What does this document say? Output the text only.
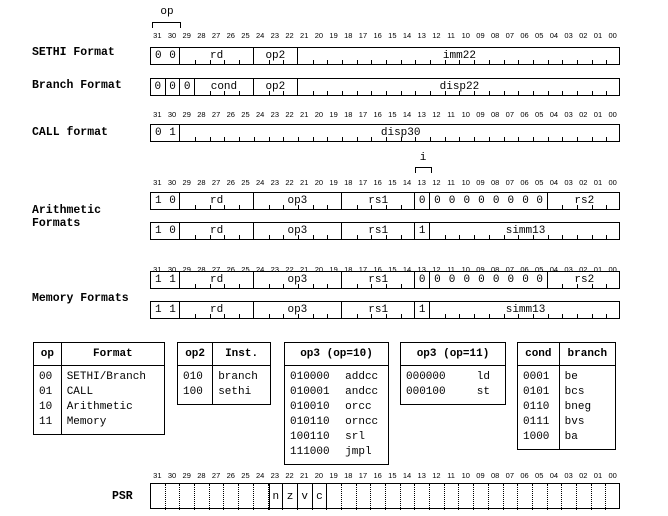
op
SETHI Format
Branch Format
CALL format
Arithmetic
Formats
Memory Formats
31 30 29 28 27 26 25 24 23 22 21 20 19 18 17 16 15 14 13 12 11 10 09 08 07 06 05 04 03 02 01 00
31 30 29 28 27 26 25 24 23 22 21 20 19 18 17 16 15 14 13 12 11 10 09 08 07 06 05 04 03 02 01 00
31 30 29 28 27 26 25 24 23 22 21 20 19 18 17 16 15 14 13 12 11 10 09 08 07 06 05 04 03 02 01 00
31 30 29 28 27 26 25 24 23 22 21 20 19 18 17 16 15 14 13 12 11 10 09 08 07 06 05 04 03 02 01 00
31 30 29 28 27 26 25 24 23 22 21 20 19 18 17 16 15 14 13 12 11 10 09 08 07 06 05 04 03 02 01 00
i
0 0	rd	op2	imm22
0 0 0	cond	op2	disp22
0 1	disp30
1 0	rd	op3	rs1	0 0 0 0 0 0 0 0 0	rs2
1 0	rd	op3	rs1	1	simm13
1 1	rd	op3	rs1	0 0 0 0 0 0 0 0 0	rs2
1 1	rd	op3	rs1	1	simm13
op	Format
00	SETHI/Branch
01	CALL
10	Arithmetic
11	Memory
op2	Inst.
010	branch
100	sethi
op3 (op=10)	
010000	addcc
010001	andcc
010010	orcc
010110	orncc
100110	srl
111000	jmpl
op3 (op=11)	
000000	ld
000100	st
cond	branch
0001	be
0101	bcs
0110	bneg
0111	bvs
1000	ba
PSR	n z v c
